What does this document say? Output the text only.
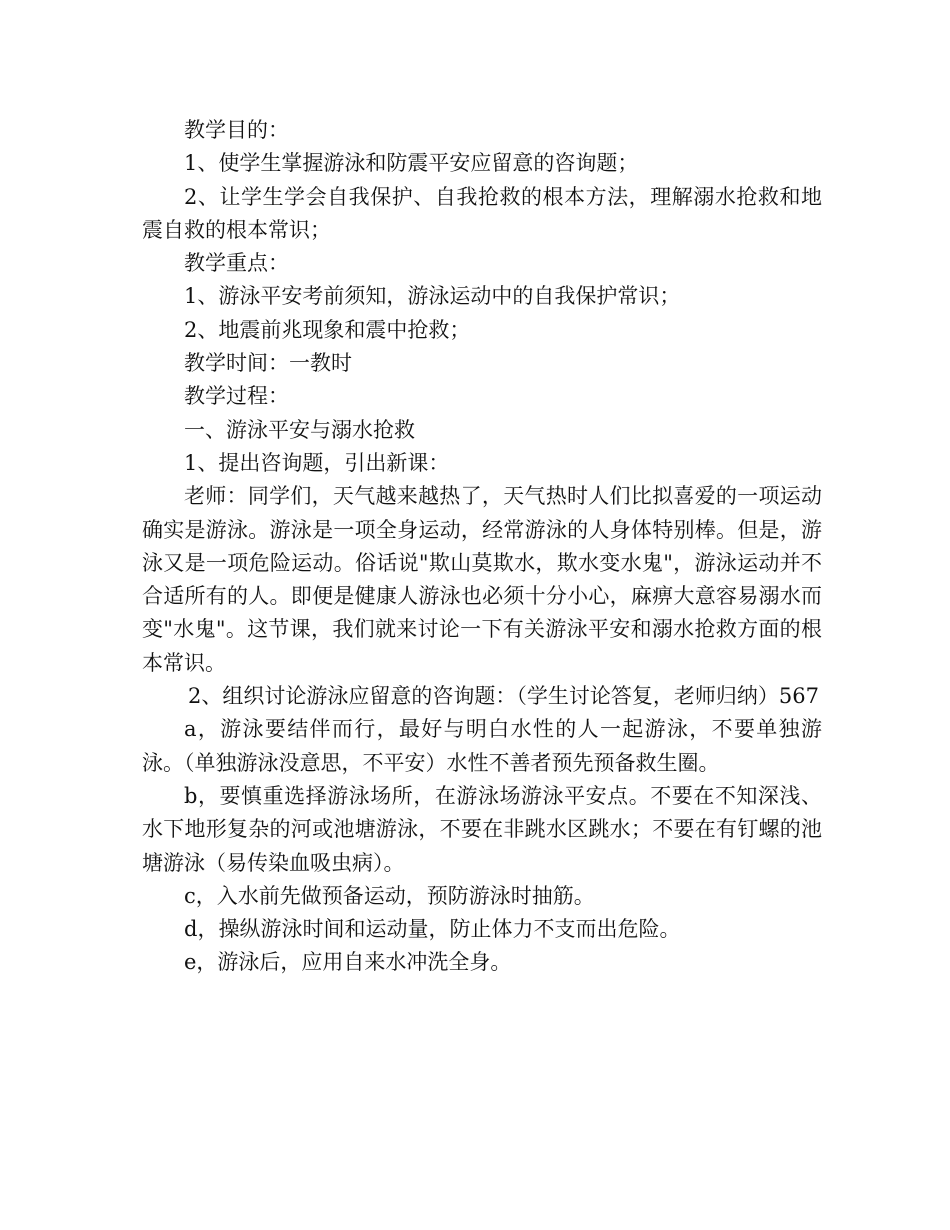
教学目的：

1、使学生掌握游泳和防震平安应留意的咨询题；

2、让学生学会自我保护、自我抢救的根本方法，理解溺水抢救和地震自救的根本常识；

教学重点：

1、游泳平安考前须知，游泳运动中的自我保护常识；

2、地震前兆现象和震中抢救；

教学时间：一教时

教学过程：

一、游泳平安与溺水抢救

1、提出咨询题，引出新课：

老师：同学们，天气越来越热了，天气热时人们比拟喜爱的一项运动确实是游泳。游泳是一项全身运动，经常游泳的人身体特别棒。但是，游泳又是一项危险运动。俗话说"欺山莫欺水，欺水变水鬼"，游泳运动并不合适所有的人。即便是健康人游泳也必须十分小心，麻痹大意容易溺水而变"水鬼"。这节课，我们就来讨论一下有关游泳平安和溺水抢救方面的根本常识。

2、组织讨论游泳应留意的咨询题：（学生讨论答复，老师归纳）567

a，游泳要结伴而行，最好与明白水性的人一起游泳，不要单独游泳。（单独游泳没意思，不平安）水性不善者预先预备救生圈。

b，要慎重选择游泳场所，在游泳场游泳平安点。不要在不知深浅、水下地形复杂的河或池塘游泳，不要在非跳水区跳水；不要在有钉螺的池塘游泳（易传染血吸虫病）。

c，入水前先做预备运动，预防游泳时抽筋。

d，操纵游泳时间和运动量，防止体力不支而出危险。

e，游泳后，应用自来水冲洗全身。
